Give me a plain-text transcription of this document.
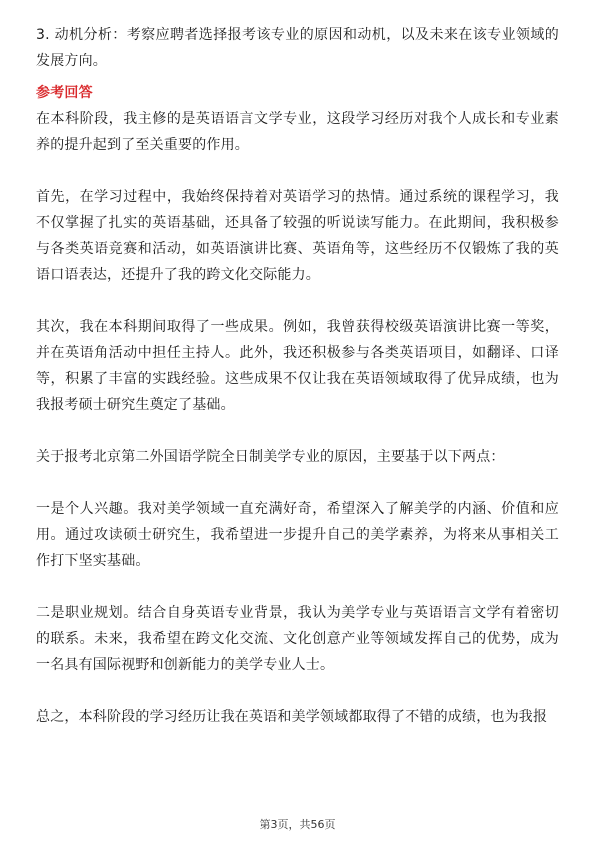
3. 动机分析：考察应聘者选择报考该专业的原因和动机，以及未来在该专业领域的发展方向。

参考回答

在本科阶段，我主修的是英语语言文学专业，这段学习经历对我个人成长和专业素养的提升起到了至关重要的作用。

首先，在学习过程中，我始终保持着对英语学习的热情。通过系统的课程学习，我不仅掌握了扎实的英语基础，还具备了较强的听说读写能力。在此期间，我积极参与各类英语竞赛和活动，如英语演讲比赛、英语角等，这些经历不仅锻炼了我的英语口语表达，还提升了我的跨文化交际能力。

其次，我在本科期间取得了一些成果。例如，我曾获得校级英语演讲比赛一等奖，并在英语角活动中担任主持人。此外，我还积极参与各类英语项目，如翻译、口译等，积累了丰富的实践经验。这些成果不仅让我在英语领域取得了优异成绩，也为我报考硕士研究生奠定了基础。

关于报考北京第二外国语学院全日制美学专业的原因，主要基于以下两点：

一是个人兴趣。我对美学领域一直充满好奇，希望深入了解美学的内涵、价值和应用。通过攻读硕士研究生，我希望进一步提升自己的美学素养，为将来从事相关工作打下坚实基础。

二是职业规划。结合自身英语专业背景，我认为美学专业与英语语言文学有着密切的联系。未来，我希望在跨文化交流、文化创意产业等领域发挥自己的优势，成为一名具有国际视野和创新能力的美学专业人士。

总之，本科阶段的学习经历让我在英语和美学领域都取得了不错的成绩，也为我报

第3页，共56页
